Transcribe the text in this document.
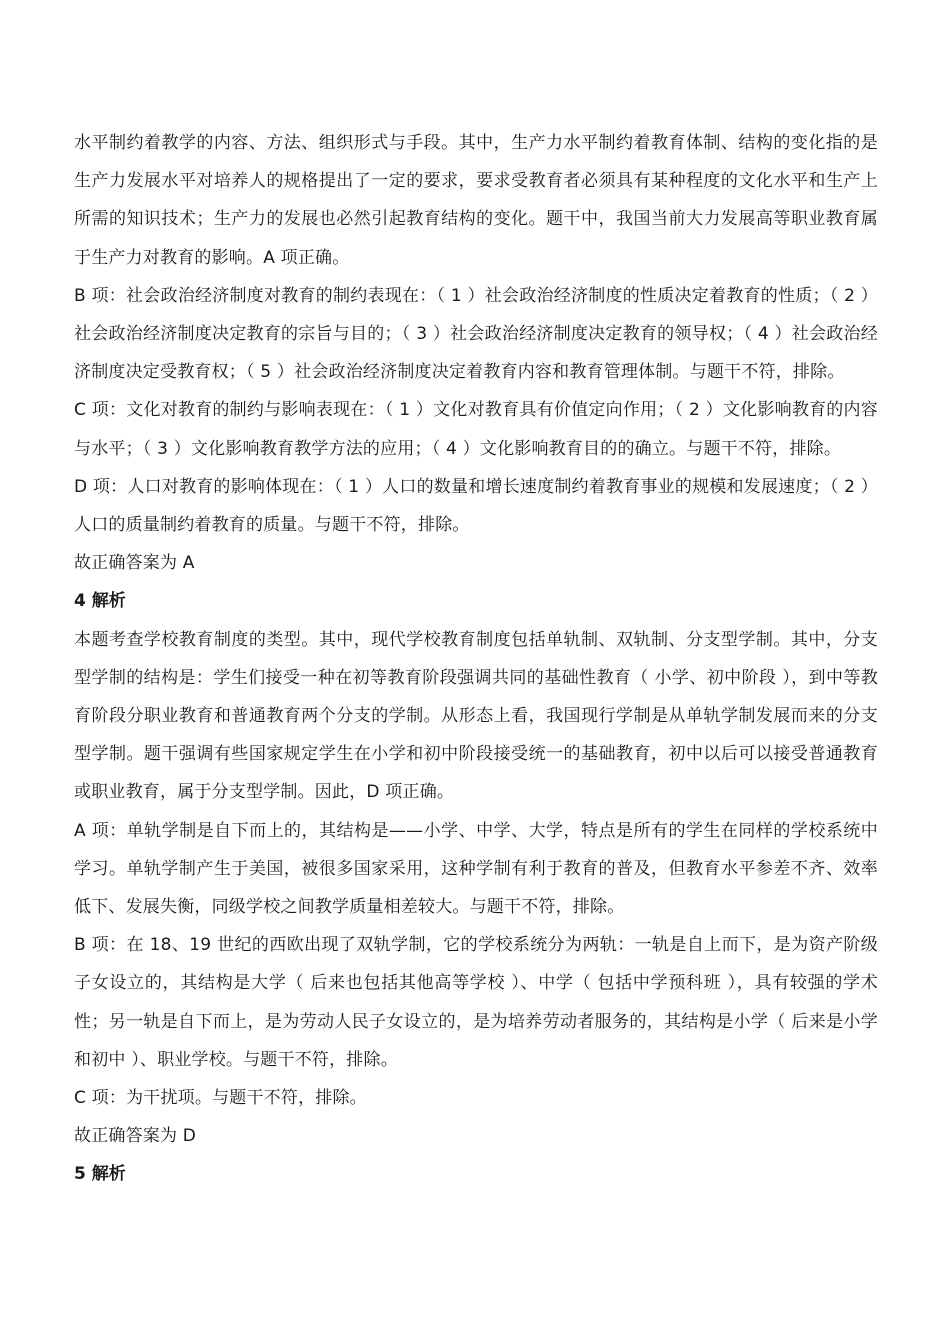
水平制约着教学的内容、方法、组织形式与手段。其中，生产力水平制约着教育体制、结构的变化指的是生产力发展水平对培养人的规格提出了一定的要求，要求受教育者必须具有某种程度的文化水平和生产上所需的知识技术；生产力的发展也必然引起教育结构的变化。题干中，我国当前大力发展高等职业教育属于生产力对教育的影响。A 项正确。

B 项：社会政治经济制度对教育的制约表现在：（ 1 ）社会政治经济制度的性质决定着教育的性质；（ 2 ）社会政治经济制度决定教育的宗旨与目的；（ 3 ）社会政治经济制度决定教育的领导权；（ 4 ）社会政治经济制度决定受教育权；（ 5 ）社会政治经济制度决定着教育内容和教育管理体制。与题干不符，排除。

C 项：文化对教育的制约与影响表现在：（ 1 ）文化对教育具有价值定向作用；（ 2 ）文化影响教育的内容与水平；（ 3 ）文化影响教育教学方法的应用；（ 4 ）文化影响教育目的的确立。与题干不符，排除。

D 项：人口对教育的影响体现在：（ 1 ）人口的数量和增长速度制约着教育事业的规模和发展速度；（ 2 ）人口的质量制约着教育的质量。与题干不符，排除。

故正确答案为 A

4 解析

本题考查学校教育制度的类型。其中，现代学校教育制度包括单轨制、双轨制、分支型学制。其中，分支型学制的结构是：学生们接受一种在初等教育阶段强调共同的基础性教育（ 小学、初中阶段 ），到中等教育阶段分职业教育和普通教育两个分支的学制。从形态上看，我国现行学制是从单轨学制发展而来的分支型学制。题干强调有些国家规定学生在小学和初中阶段接受统一的基础教育，初中以后可以接受普通教育或职业教育，属于分支型学制。因此，D 项正确。

A 项：单轨学制是自下而上的，其结构是——小学、中学、大学，特点是所有的学生在同样的学校系统中学习。单轨学制产生于美国，被很多国家采用，这种学制有利于教育的普及，但教育水平参差不齐、效率低下、发展失衡，同级学校之间教学质量相差较大。与题干不符，排除。

B 项：在 18、19 世纪的西欧出现了双轨学制，它的学校系统分为两轨：一轨是自上而下，是为资产阶级子女设立的，其结构是大学（ 后来也包括其他高等学校 ）、中学（ 包括中学预科班 ），具有较强的学术性；另一轨是自下而上，是为劳动人民子女设立的，是为培养劳动者服务的，其结构是小学（ 后来是小学和初中 ）、职业学校。与题干不符，排除。

C 项：为干扰项。与题干不符，排除。

故正确答案为 D

5 解析
